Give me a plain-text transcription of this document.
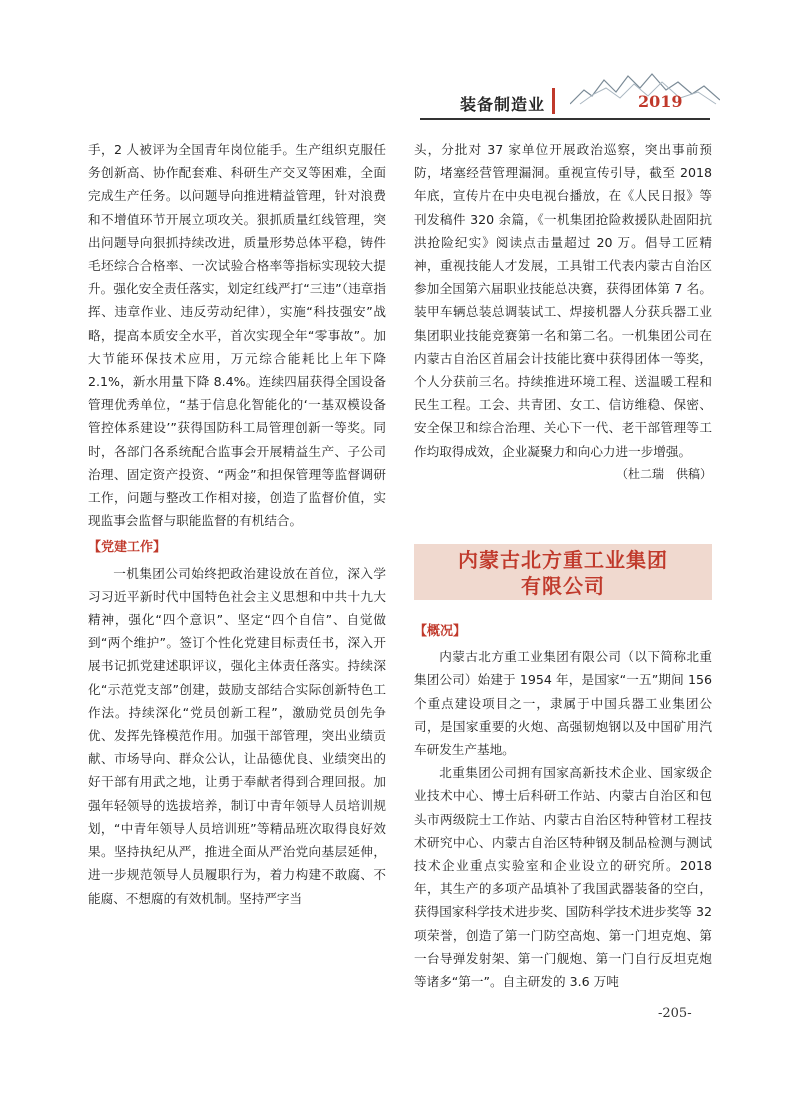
装备制造业	2019

手，2 人被评为全国青年岗位能手。生产组织克服任务创新高、协作配套难、科研生产交叉等困难，全面完成生产任务。以问题导向推进精益管理，针对浪费和不增值环节开展立项攻关。狠抓质量红线管理，突出问题导向狠抓持续改进，质量形势总体平稳，铸件毛坯综合合格率、一次试验合格率等指标实现较大提升。强化安全责任落实，划定红线严打“三违”（违章指挥、违章作业、违反劳动纪律），实施“科技强安”战略，提高本质安全水平，首次实现全年“零事故”。加大节能环保技术应用，万元综合能耗比上年下降 2.1%，新水用量下降 8.4%。连续四届获得全国设备管理优秀单位，“基于信息化智能化的‘一基双模设备管控体系建设’”获得国防科工局管理创新一等奖。同时，各部门各系统配合监事会开展精益生产、子公司治理、固定资产投资、“两金”和担保管理等监督调研工作，问题与整改工作相对接，创造了监督价值，实现监事会监督与职能监督的有机结合。

【党建工作】

一机集团公司始终把政治建设放在首位，深入学习习近平新时代中国特色社会主义思想和中共十九大精神，强化“四个意识”、坚定“四个自信”、自觉做到“两个维护”。签订个性化党建目标责任书，深入开展书记抓党建述职评议，强化主体责任落实。持续深化“示范党支部”创建，鼓励支部结合实际创新特色工作法。持续深化“党员创新工程”，激励党员创先争优、发挥先锋模范作用。加强干部管理，突出业绩贡献、市场导向、群众公认，让品德优良、业绩突出的好干部有用武之地，让勇于奉献者得到合理回报。加强年轻领导的选拔培养，制订中青年领导人员培训规划，“中青年领导人员培训班”等精品班次取得良好效果。坚持执纪从严，推进全面从严治党向基层延伸，进一步规范领导人员履职行为，着力构建不敢腐、不能腐、不想腐的有效机制。坚持严字当

头，分批对 37 家单位开展政治巡察，突出事前预防，堵塞经营管理漏洞。重视宣传引导，截至 2018 年底，宣传片在中央电视台播放，在《人民日报》等刊发稿件 320 余篇，《一机集团抢险救援队赴固阳抗洪抢险纪实》阅读点击量超过 20 万。倡导工匠精神，重视技能人才发展，工具钳工代表内蒙古自治区参加全国第六届职业技能总决赛，获得团体第 7 名。装甲车辆总装总调装试工、焊接机器人分获兵器工业集团职业技能竞赛第一名和第二名。一机集团公司在内蒙古自治区首届会计技能比赛中获得团体一等奖，个人分获前三名。持续推进环境工程、送温暖工程和民生工程。工会、共青团、女工、信访维稳、保密、安全保卫和综合治理、关心下一代、老干部管理等工作均取得成效，企业凝聚力和向心力进一步增强。

（杜二瑞　供稿）

内蒙古北方重工业集团
有限公司
【概况】

内蒙古北方重工业集团有限公司（以下简称北重集团公司）始建于 1954 年，是国家“一五”期间 156 个重点建设项目之一，隶属于中国兵器工业集团公司，是国家重要的火炮、高强韧炮钢以及中国矿用汽车研发生产基地。

北重集团公司拥有国家高新技术企业、国家级企业技术中心、博士后科研工作站、内蒙古自治区和包头市两级院士工作站、内蒙古自治区特种管材工程技术研究中心、内蒙古自治区特种钢及制品检测与测试技术企业重点实验室和企业设立的研究所。2018 年，其生产的多项产品填补了我国武器装备的空白，获得国家科学技术进步奖、国防科学技术进步奖等 32 项荣誉，创造了第一门防空高炮、第一门坦克炮、第一台导弹发射架、第一门舰炮、第一门自行反坦克炮等诸多“第一”。自主研发的 3.6 万吨

-205-
